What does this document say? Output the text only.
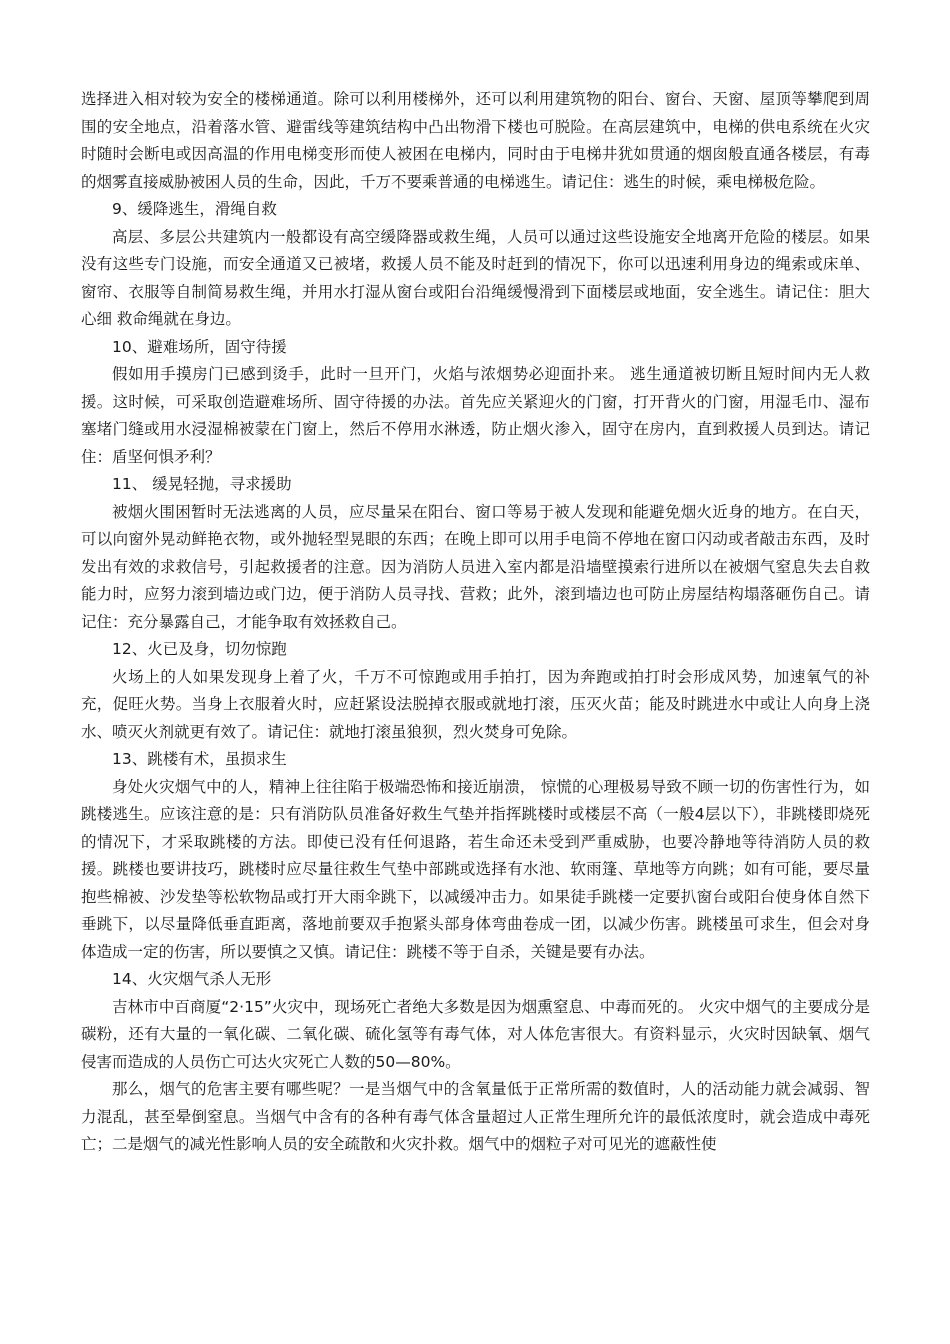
选择进入相对较为安全的楼梯通道。除可以利用楼梯外，还可以利用建筑物的阳台、窗台、天窗、屋顶等攀爬到周围的安全地点，沿着落水管、避雷线等建筑结构中凸出物滑下楼也可脱险。在高层建筑中，电梯的供电系统在火灾时随时会断电或因高温的作用电梯变形而使人被困在电梯内，同时由于电梯井犹如贯通的烟囱般直通各楼层，有毒的烟雾直接威胁被困人员的生命，因此，千万不要乘普通的电梯逃生。请记住：逃生的时候，乘电梯极危险。

9、缓降逃生，滑绳自救

高层、多层公共建筑内一般都设有高空缓降器或救生绳，人员可以通过这些设施安全地离开危险的楼层。如果没有这些专门设施，而安全通道又已被堵，救援人员不能及时赶到的情况下，你可以迅速利用身边的绳索或床单、窗帘、衣服等自制简易救生绳，并用水打湿从窗台或阳台沿绳缓慢滑到下面楼层或地面，安全逃生。请记住：胆大心细 救命绳就在身边。

10、避难场所，固守待援

假如用手摸房门已感到烫手，此时一旦开门，火焰与浓烟势必迎面扑来。 逃生通道被切断且短时间内无人救援。这时候，可采取创造避难场所、固守待援的办法。首先应关紧迎火的门窗，打开背火的门窗，用湿毛巾、湿布塞堵门缝或用水浸湿棉被蒙在门窗上，然后不停用水淋透，防止烟火渗入，固守在房内，直到救援人员到达。请记住：盾坚何惧矛利？

11、 缓晃轻抛，寻求援助

被烟火围困暂时无法逃离的人员，应尽量呆在阳台、窗口等易于被人发现和能避免烟火近身的地方。在白天，可以向窗外晃动鲜艳衣物，或外抛轻型晃眼的东西；在晚上即可以用手电筒不停地在窗口闪动或者敲击东西，及时发出有效的求救信号，引起救援者的注意。因为消防人员进入室内都是沿墙壁摸索行进所以在被烟气窒息失去自救能力时，应努力滚到墙边或门边，便于消防人员寻找、营救；此外，滚到墙边也可防止房屋结构塌落砸伤自己。请记住：充分暴露自己，才能争取有效拯救自己。

12、火已及身，切勿惊跑

火场上的人如果发现身上着了火，千万不可惊跑或用手拍打，因为奔跑或拍打时会形成风势，加速氧气的补充，促旺火势。当身上衣服着火时，应赶紧设法脱掉衣服或就地打滚，压灭火苗；能及时跳进水中或让人向身上浇水、喷灭火剂就更有效了。请记住：就地打滚虽狼狈，烈火焚身可免除。

13、跳楼有术，虽损求生

身处火灾烟气中的人，精神上往往陷于极端恐怖和接近崩溃， 惊慌的心理极易导致不顾一切的伤害性行为，如跳楼逃生。应该注意的是：只有消防队员准备好救生气垫并指挥跳楼时或楼层不高（一般4层以下），非跳楼即烧死的情况下，才采取跳楼的方法。即使已没有任何退路，若生命还未受到严重威胁，也要冷静地等待消防人员的救援。跳楼也要讲技巧，跳楼时应尽量往救生气垫中部跳或选择有水池、软雨篷、草地等方向跳；如有可能，要尽量抱些棉被、沙发垫等松软物品或打开大雨伞跳下，以减缓冲击力。如果徒手跳楼一定要扒窗台或阳台使身体自然下垂跳下，以尽量降低垂直距离，落地前要双手抱紧头部身体弯曲卷成一团，以减少伤害。跳楼虽可求生，但会对身体造成一定的伤害，所以要慎之又慎。请记住：跳楼不等于自杀，关键是要有办法。

14、火灾烟气杀人无形

吉林市中百商厦“2·15”火灾中，现场死亡者绝大多数是因为烟熏窒息、中毒而死的。 火灾中烟气的主要成分是碳粉，还有大量的一氧化碳、二氧化碳、硫化氢等有毒气体，对人体危害很大。有资料显示，火灾时因缺氧、烟气侵害而造成的人员伤亡可达火灾死亡人数的50—80%。

那么，烟气的危害主要有哪些呢？一是当烟气中的含氧量低于正常所需的数值时，人的活动能力就会减弱、智力混乱，甚至晕倒窒息。当烟气中含有的各种有毒气体含量超过人正常生理所允许的最低浓度时，就会造成中毒死亡；二是烟气的减光性影响人员的安全疏散和火灾扑救。烟气中的烟粒子对可见光的遮蔽性使
